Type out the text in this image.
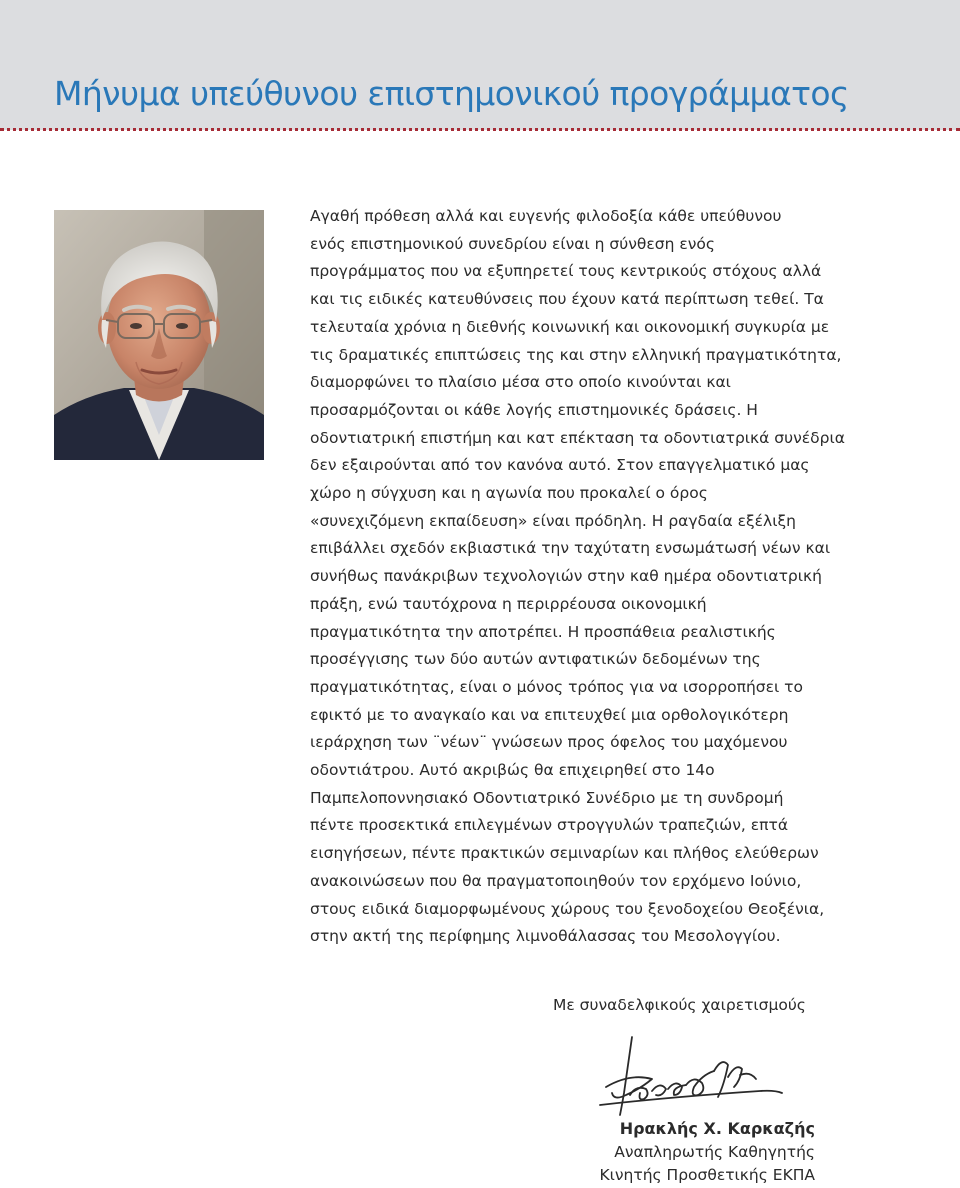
Μήνυμα υπεύθυνου επιστημονικού προγράμματος
Αγαθή πρόθεση αλλά και ευγενής φιλοδοξία κάθε υπεύθυνου
ενός επιστημονικού συνεδρίου είναι η σύνθεση ενός
προγράμματος που να εξυπηρετεί τους κεντρικούς στόχους αλλά
και τις ειδικές κατευθύνσεις που έχουν κατά περίπτωση τεθεί. Τα
τελευταία χρόνια η διεθνής κοινωνική και οικονομική συγκυρία με
τις δραματικές επιπτώσεις της και στην ελληνική πραγματικότητα,
διαμορφώνει το πλαίσιο μέσα στο οποίο κινούνται και
προσαρμόζονται οι κάθε λογής επιστημονικές δράσεις. Η
οδοντιατρική επιστήμη και κατ επέκταση τα οδοντιατρικά συνέδρια
δεν εξαιρούνται από τον κανόνα αυτό. Στον επαγγελματικό μας
χώρο η σύγχυση και η αγωνία που προκαλεί ο όρος
«συνεχιζόμενη εκπαίδευση» είναι πρόδηλη. Η ραγδαία εξέλιξη
επιβάλλει σχεδόν εκβιαστικά την ταχύτατη ενσωμάτωσή νέων και
συνήθως πανάκριβων τεχνολογιών στην καθ ημέρα οδοντιατρική
πράξη, ενώ ταυτόχρονα η περιρρέουσα οικονομική
πραγματικότητα την αποτρέπει. Η προσπάθεια ρεαλιστικής
προσέγγισης των δύο αυτών αντιφατικών δεδομένων της
πραγματικότητας, είναι ο μόνος τρόπος για να ισορροπήσει το
εφικτό με το αναγκαίο και να επιτευχθεί μια ορθολογικότερη
ιεράρχηση των ¨νέων¨ γνώσεων προς όφελος του μαχόμενου
οδοντιάτρου. Αυτό ακριβώς θα επιχειρηθεί στο 14ο
Παμπελοποννησιακό Οδοντιατρικό Συνέδριο με τη συνδρομή
πέντε προσεκτικά επιλεγμένων στρογγυλών τραπεζιών, επτά
εισηγήσεων, πέντε πρακτικών σεμιναρίων και πλήθος ελεύθερων
ανακοινώσεων που θα πραγματοποιηθούν τον ερχόμενο Ιούνιο,
στους ειδικά διαμορφωμένους χώρους του ξενοδοχείου Θεοξένια,
στην ακτή της περίφημης λιμνοθάλασσας του Μεσολογγίου.
Με συναδελφικούς χαιρετισμούς
Ηρακλής Χ. Καρκαζής
Αναπληρωτής Καθηγητής
Κινητής Προσθετικής ΕΚΠΑ
